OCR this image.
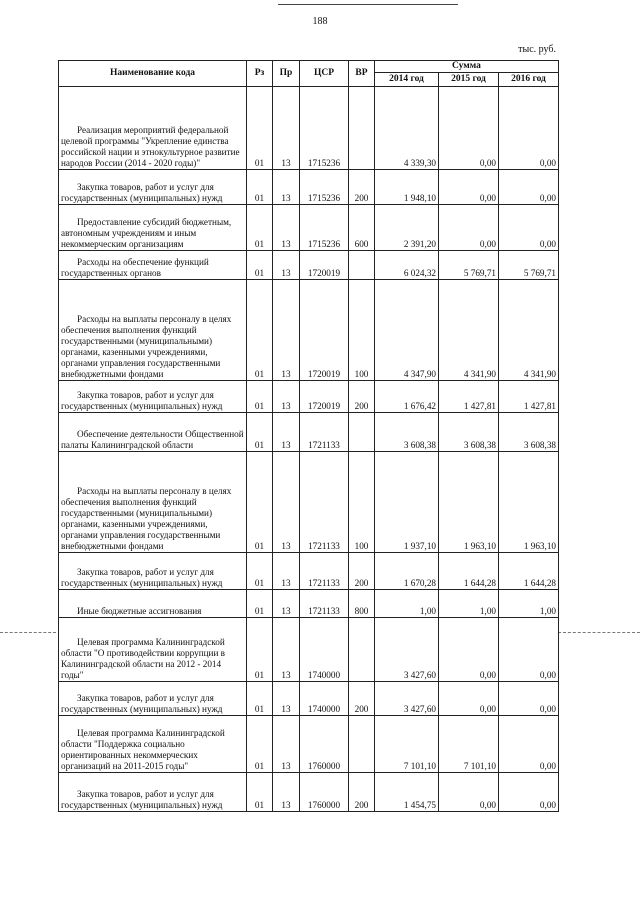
188
тыс. руб.
Наименование кода	Рз	Пр	ЦСР	ВР	Сумма		
					2014 год	2015 год	2016 год
Реализация мероприятий федеральной целевой программы "Укрепление единства российской нации и этнокультурное развитие народов России (2014 - 2020 годы)"	01	13	1715236		4 339,30	0,00	0,00
Закупка товаров, работ и услуг для государственных (муниципальных) нужд	01	13	1715236	200	1 948,10	0,00	0,00
Предоставление субсидий бюджетным, автономным учреждениям и иным некоммерческим организациям	01	13	1715236	600	2 391,20	0,00	0,00
Расходы на обеспечение функций государственных органов	01	13	1720019		6 024,32	5 769,71	5 769,71
Расходы на выплаты персоналу в целях обеспечения выполнения функций государственными (муниципальными) органами, казенными учреждениями, органами управления государственными внебюджетными фондами	01	13	1720019	100	4 347,90	4 341,90	4 341,90
Закупка товаров, работ и услуг для государственных (муниципальных) нужд	01	13	1720019	200	1 676,42	1 427,81	1 427,81
Обеспечение деятельности Общественной палаты Калининградской области	01	13	1721133		3 608,38	3 608,38	3 608,38
Расходы на выплаты персоналу в целях обеспечения выполнения функций государственными (муниципальными) органами, казенными учреждениями, органами управления государственными внебюджетными фондами	01	13	1721133	100	1 937,10	1 963,10	1 963,10
Закупка товаров, работ и услуг для государственных (муниципальных) нужд	01	13	1721133	200	1 670,28	1 644,28	1 644,28
Иные бюджетные ассигнования	01	13	1721133	800	1,00	1,00	1,00
Целевая программа Калининградской области "О противодействии коррупции в Калининградской области на 2012 - 2014 годы"	01	13	1740000		3 427,60	0,00	0,00
Закупка товаров, работ и услуг для государственных (муниципальных) нужд	01	13	1740000	200	3 427,60	0,00	0,00
Целевая программа Калининградской области "Поддержка социально ориентированных некоммерческих организаций на 2011-2015 годы"	01	13	1760000		7 101,10	7 101,10	0,00
Закупка товаров, работ и услуг для государственных (муниципальных) нужд	01	13	1760000	200	1 454,75	0,00	0,00
